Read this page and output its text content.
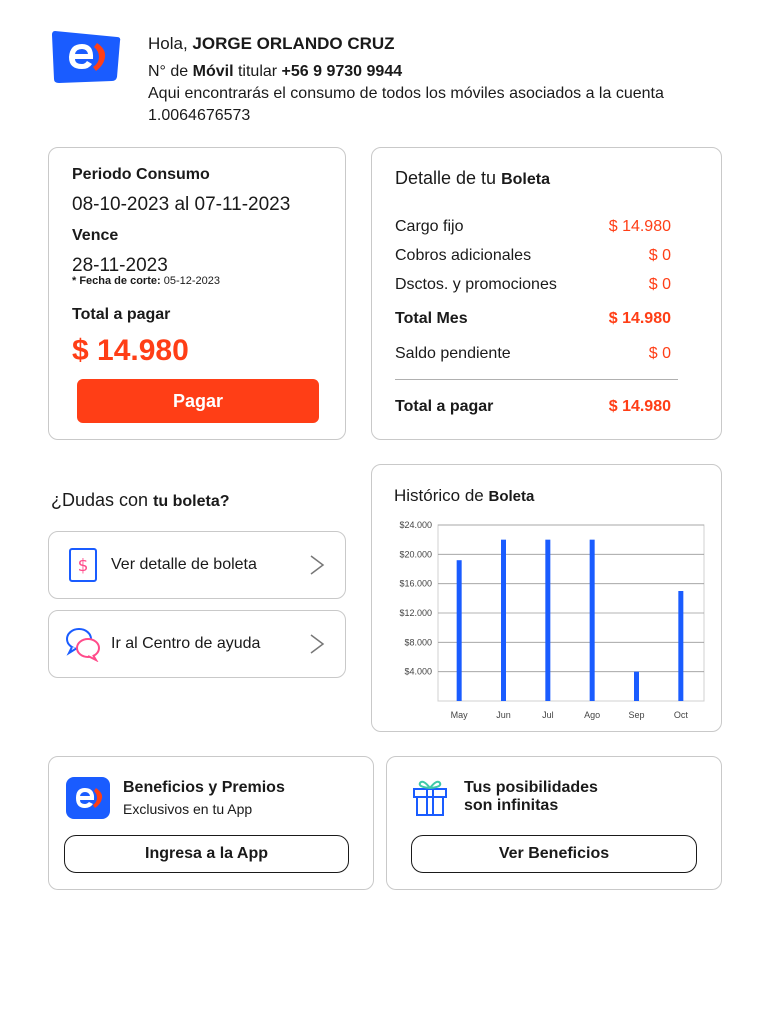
Hola, JORGE ORLANDO CRUZ
N° de Móvil titular +56 9 9730 9944
Aqui encontrarás el consumo de todos los móviles asociados a la cuenta 1.0064676573
Periodo Consumo
08-10-2023 al 07-11-2023
Vence
28-11-2023
* Fecha de corte: 05-12-2023
Total a pagar
$ 14.980
Pagar
Detalle de tu Boleta
Cargo fijo	$ 14.980
Cobros adicionales	$ 0
Dsctos. y promociones	$ 0
Total Mes	$ 14.980
Saldo pendiente	$ 0
Total a pagar	$ 14.980
¿Dudas con tu boleta?
$ Ver detalle de boleta
Ir al Centro de ayuda
Histórico de Boleta
$4.000
$8.000
$12.000
$16.000
$20.000
$24.000
May	Jun	Jul	Ago	Sep	Oct
Beneficios y Premios
Exclusivos en tu App
Ingresa a la App
Tus posibilidades
son infinitas
Ver Beneficios
